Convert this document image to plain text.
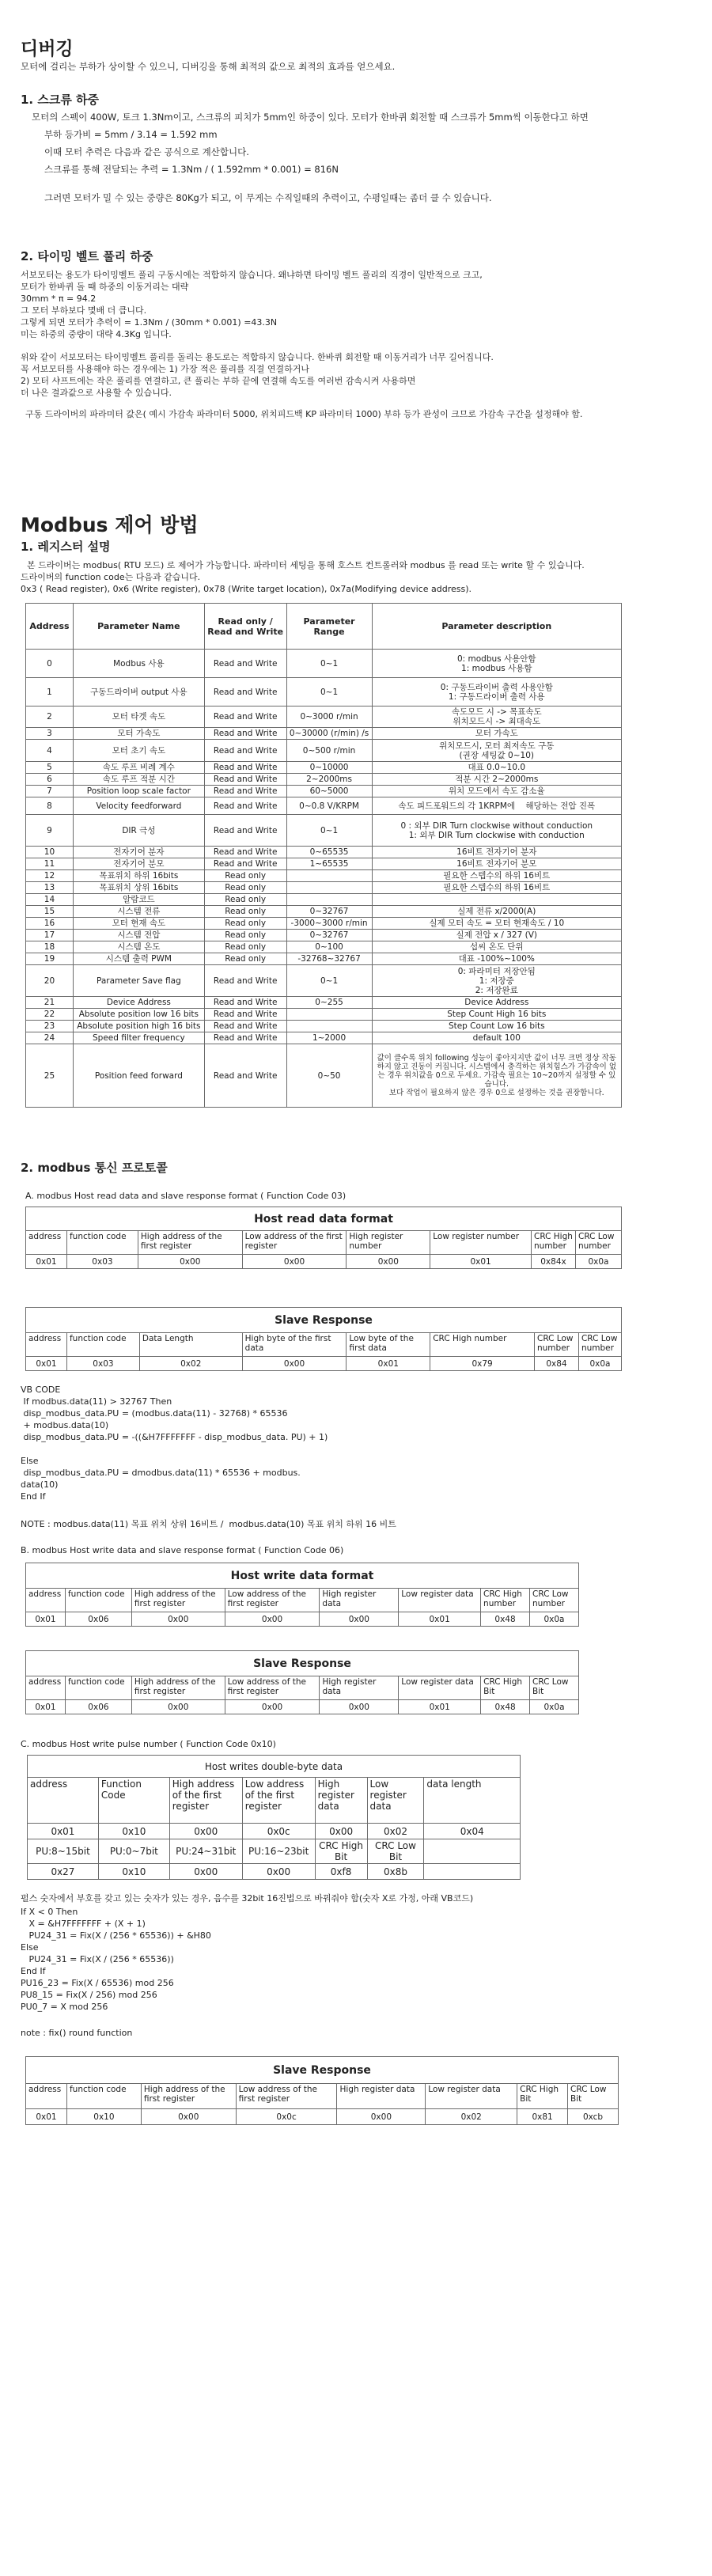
디버깅
모터에 걸리는 부하가 상이할 수 있으니, 디버깅을 통해 최적의 값으로 최적의 효과를 얻으세요.
1. 스크류 하중
모터의 스펙이 400W, 토크 1.3Nm이고, 스크류의 피치가 5mm인 하중이 있다. 모터가 한바퀴 회전할 때 스크류가 5mm씩 이동한다고 하면
부하 등가비 = 5mm / 3.14 = 1.592 mm
이때 모터 추력은 다음과 같은 공식으로 계산합니다.
스크류를 통해 전달되는 추력 = 1.3Nm / ( 1.592mm * 0.001) = 816N
그러면 모터가 밀 수 있는 중량은 80Kg가 되고, 이 무게는 수직일때의 추력이고, 수평일때는 좀더 클 수 있습니다.
2. 타이밍 벨트 풀리 하중
서보모터는 용도가 타이밍벨트 풀리 구동시에는 적합하지 않습니다. 왜냐하면 타이밍 벨트 풀리의 직경이 일반적으로 크고,
모터가 한바퀴 돌 때 하중의 이동거리는 대략
30mm * π = 94.2
그 모터 부하보다 몇배 더 큽니다.
그렇게 되면 모터가 추력이 = 1.3Nm / (30mm * 0.001) =43.3N
미는 하중의 중량이 대략 4.3Kg 입니다.
위와 같이 서보모터는 타이밍벨트 풀리를 돌리는 용도로는 적합하지 않습니다. 한바퀴 회전할 때 이동거리가 너무 길어집니다.
꼭 서보모터를 사용해야 하는 경우에는 1) 가장 적은 풀리를 직결 연결하거나
2) 모터 샤프트에는 작은 풀리를 연결하고, 큰 풀리는 부하 끝에 연결해 속도를 여러번 감속시켜 사용하면
더 나은 결과값으로 사용할 수 있습니다.
구동 드라이버의 파라미터 값은( 예시 가감속 파라미터 5000, 위치피드백 KP 파라미터 1000) 부하 등가 관성이 크므로 가감속 구간을 설정해야 함.
Modbus 제어 방법
1. 레지스터 설명
본 드라이버는 modbus( RTU 모드) 로 제어가 가능합니다. 파라미터 세팅을 통해 호스트 컨트롤러와 modbus 를 read 또는 write 할 수 있습니다.
드라이버의 function code는 다음과 같습니다.
0x3 ( Read register), 0x6 (Write register), 0x78 (Write target location), 0x7a(Modifying device address).
Address	Parameter Name	Read only / Read and Write	Parameter Range	Parameter description
0	Modbus 사용	Read and Write	0~1	0: modbus 사용안함
1: modbus 사용함
1	구동드라이버 output 사용	Read and Write	0~1	0: 구동드라이버 출력 사용안함
1: 구동드라이버 출력 사용
2	모터 타겟 속도	Read and Write	0~3000 r/min	속도모드 시 -> 목표속도
위치모드시 -> 최대속도
3	모터 가속도	Read and Write	0~30000 (r/min) /s	모터 가속도
4	모터 초기 속도	Read and Write	0~500 r/min	위치모드시, 모터 최저속도 구동
(권장 세팅값 0~10)
5	속도 루프 비례 계수	Read and Write	0~10000	대표 0.0~10.0
6	속도 루프 적분 시간	Read and Write	2~2000ms	적분 시간 2~2000ms
7	Position loop scale factor	Read and Write	60~5000	위치 모드에서 속도 감소율
8	Velocity feedforward	Read and Write	0~0.8 V/KRPM	속도 피드포워드의 각 1KRPM에    해당하는 전압 진폭
9	DIR 극성	Read and Write	0~1	0 : 외부 DIR Turn clockwise without conduction
1: 외부 DIR Turn clockwise with conduction
10	전자기어 분자	Read and Write	0~65535	16비트 전자기어 분자
11	전자기어 분모	Read and Write	1~65535	16비트 전자기어 분모
12	목표위치 하위 16bits	Read only		필요한 스텝수의 하위 16비트
13	목표위치 상위 16bits	Read only		필요한 스텝수의 하위 16비트
14	알람코드	Read only		
15	시스템 전류	Read only	0~32767	실제 전류 x/2000(A)
16	모터 현재 속도	Read only	-3000~3000 r/min	실제 모터 속도 = 모터 현재속도 / 10
17	시스템 전압	Read only	0~32767	실제 전압 x / 327 (V)
18	시스템 온도	Read only	0~100	섭씨 온도 단위
19	시스템 출력 PWM	Read only	-32768~32767	대표 -100%~100%
20	Parameter Save flag	Read and Write	0~1	0: 파라미터 저장안됨
1: 저장중
2: 저장완료
21	Device Address	Read and Write	0~255	Device Address
22	Absolute position low 16 bits	Read and Write		Step Count High 16 bits
23	Absolute position high 16 bits	Read and Write		Step Count Low 16 bits
24	Speed filter frequency	Read and Write	1~2000	default 100
25	Position feed forward	Read and Write	0~50	값이 클수록 위치 following 성능이 좋아지지만 값이 너무 크면 정상 작동하지 않고 진동이 커집니다. 시스템에서 충격하는 위치힘스가 가감속이 없는 경우 위치값을 0으로 두세요. 가감속 필요는 10~20까지 설정할 수 있습니다.
보다 작업이 필요하지 않은 경우 0으로 설정하는 것을 권장합니다.
2. modbus 통신 프로토콜
A. modbus Host read data and slave response format ( Function Code 03)
Host read data format							
address	function code	High address of the first register	Low address of the first register	High register number	Low register number	CRC High number	CRC Low number
0x01	0x03	0x00	0x00	0x00	0x01	0x84x	0x0a
Slave Response							
address	function code	Data Length	High byte of the first data	Low byte of the first data	CRC High number	CRC Low number	CRC Low number
0x01	0x03	0x02	0x00	0x01	0x79	0x84	0x0a
VB CODE
If modbus.data(11) > 32767 Then
disp_modbus_data.PU = (modbus.data(11) - 32768) * 65536
+ modbus.data(10)
disp_modbus_data.PU = -((&H7FFFFFFF - disp_modbus_data. PU) + 1)
Else
disp_modbus_data.PU = dmodbus.data(11) * 65536 + modbus.
data(10)
End If
NOTE : modbus.data(11) 목표 위치 상위 16비트 /  modbus.data(10) 목표 위치 하위 16 비트
B. modbus Host write data and slave response format ( Function Code 06)
Host write data format							
address	function code	High address of the first register	Low address of the first register	High register data	Low register data	CRC High number	CRC Low number
0x01	0x06	0x00	0x00	0x00	0x01	0x48	0x0a
Slave Response							
address	function code	High address of the first register	Low address of the first register	High register data	Low register data	CRC High Bit	CRC Low Bit
0x01	0x06	0x00	0x00	0x00	0x01	0x48	0x0a
C. modbus Host write pulse number ( Function Code 0x10)
Host writes double-byte data						
address	Function Code	High address of the first register	Low address of the first register	High register data	Low register data	data length
0x01	0x10	0x00	0x0c	0x00	0x02	0x04
PU:8~15bit	PU:0~7bit	PU:24~31bit	PU:16~23bit	CRC High Bit	CRC Low Bit	
0x27	0x10	0x00	0x00	0xf8	0x8b	
펄스 숫자에서 부호를 갖고 있는 숫자가 있는 경우, 음수를 32bit 16진법으로 바꿔줘야 함(숫자 X로 가정, 아래 VB코드)
If X < 0 Then
X = &H7FFFFFFF + (X + 1)
PU24_31 = Fix(X / (256 * 65536)) + &H80
Else
PU24_31 = Fix(X / (256 * 65536))
End If
PU16_23 = Fix(X / 65536) mod 256
PU8_15 = Fix(X / 256) mod 256
PU0_7 = X mod 256
note : fix() round function
Slave Response							
address	function code	High address of the first register	Low address of the first register	High register data	Low register data	CRC High Bit	CRC Low Bit
0x01	0x10	0x00	0x0c	0x00	0x02	0x81	0xcb
